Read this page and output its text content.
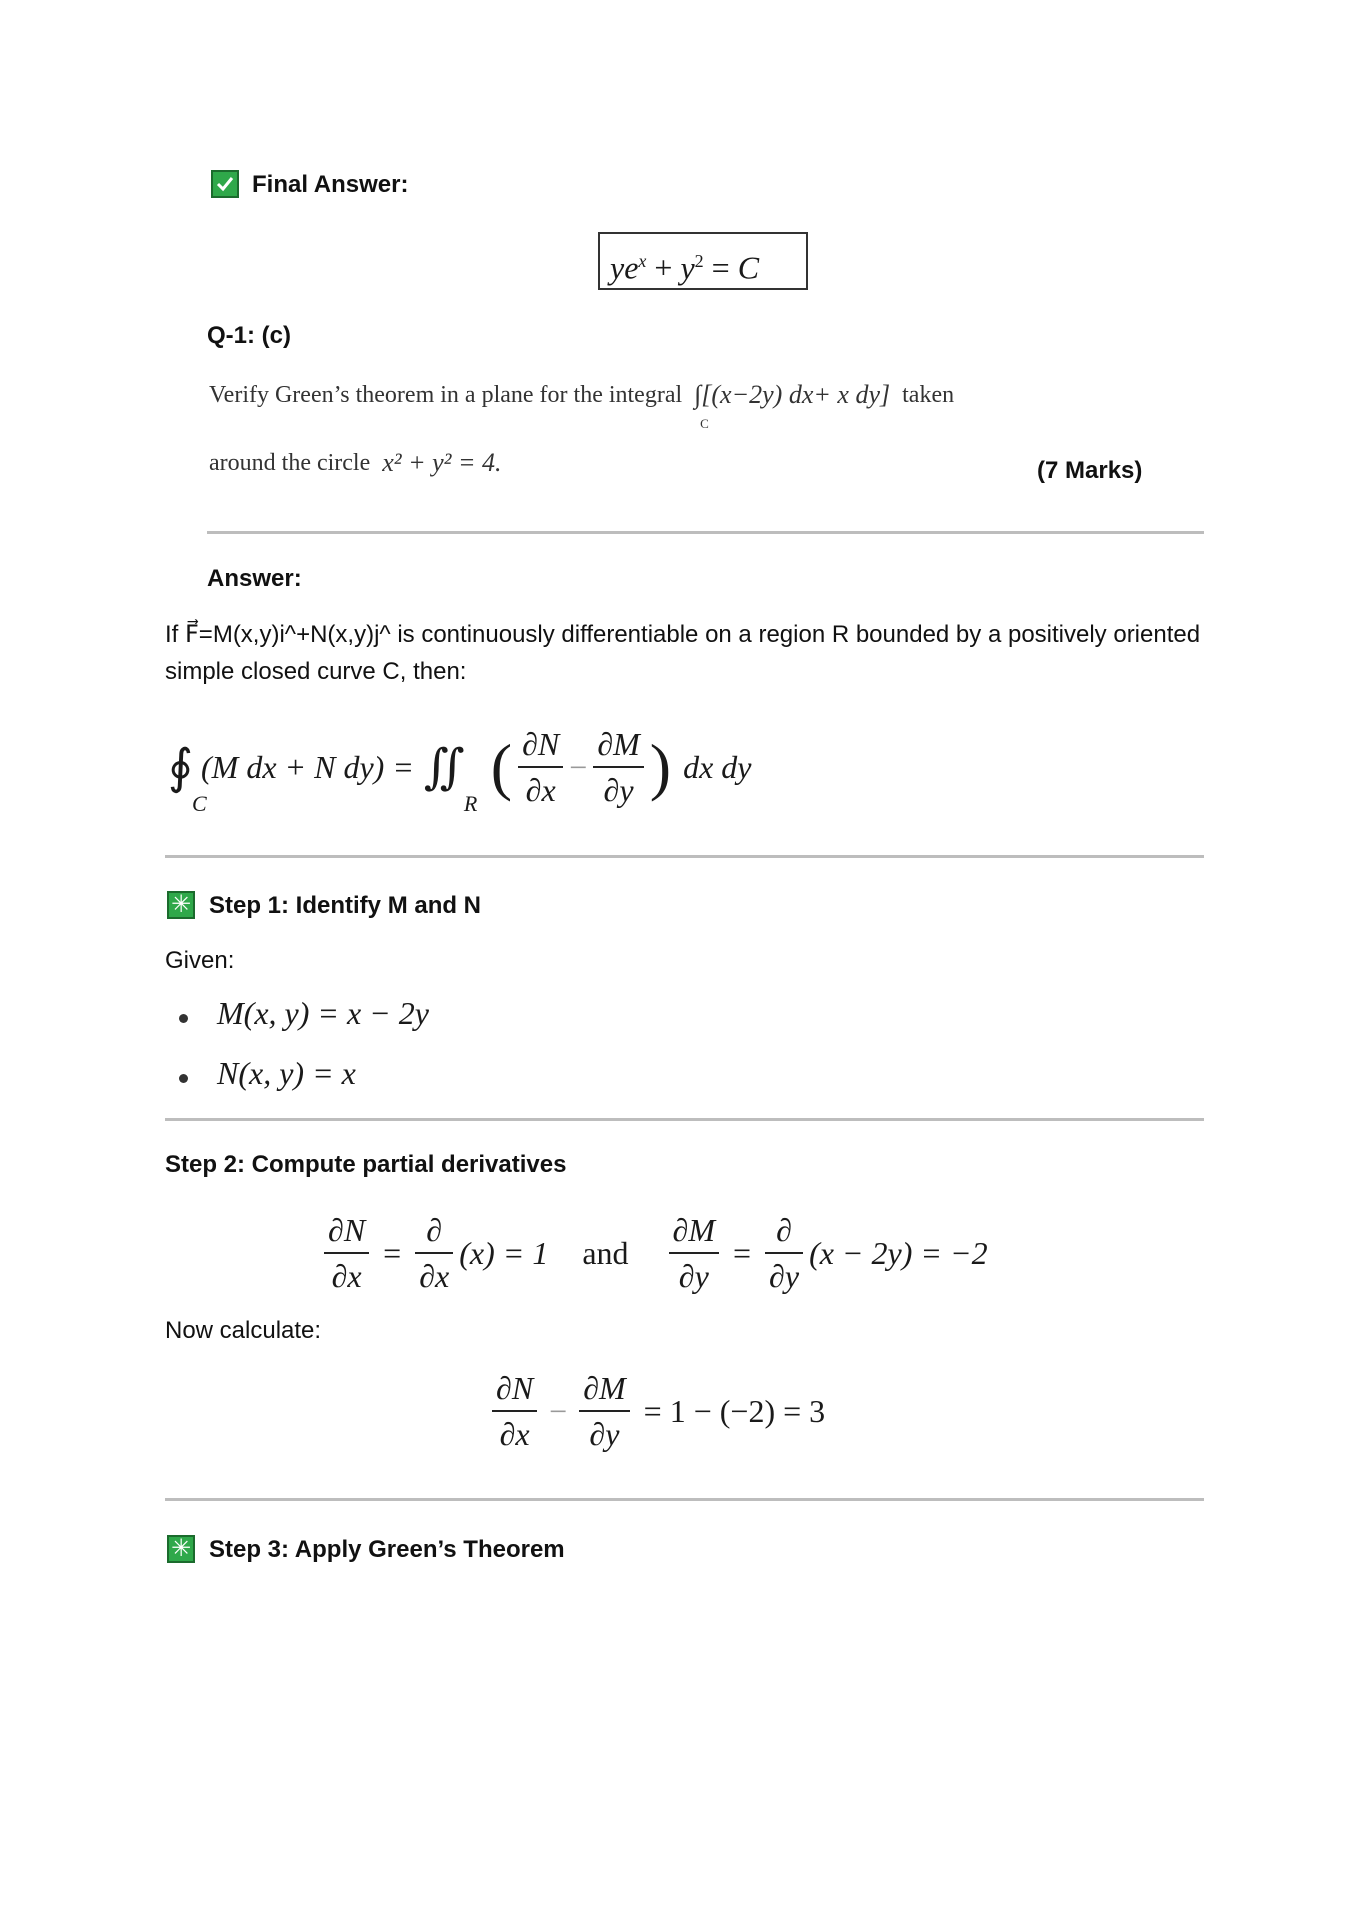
Final Answer:
$ye^x + y^2 = C$
Q-1: (c)
Verify Green’s theorem in a plane for the integral ∫[(x−2y) dx+ x dy]
C
taken
around the circle x² + y² = 4.	(7 Marks)
Answer:
If F⃗=M(x,y)i^+N(x,y)j^ is continuously differentiable on a region R bounded by a positively oriented simple closed curve C, then:
∮
C
(M dx + N dy) = ∬
R
( $\frac{\partial N}{\partial x} - \frac{\partial M}{\partial y}$ ) dx dy
✳ Step 1: Identify M and N
Given:
M(x, y) = x − 2y
N(x, y) = x
Step 2: Compute partial derivatives
$\frac{\partial N}{\partial x} = \frac{\partial}{\partial x} (x) = 1$ and $\frac{\partial M}{\partial y} = \frac{\partial}{\partial y} (x - 2y) = -2$
Now calculate:
$\frac{\partial N}{\partial x} - \frac{\partial M}{\partial y} = 1 - (-2) = 3$
✳ Step 3: Apply Green’s Theorem
